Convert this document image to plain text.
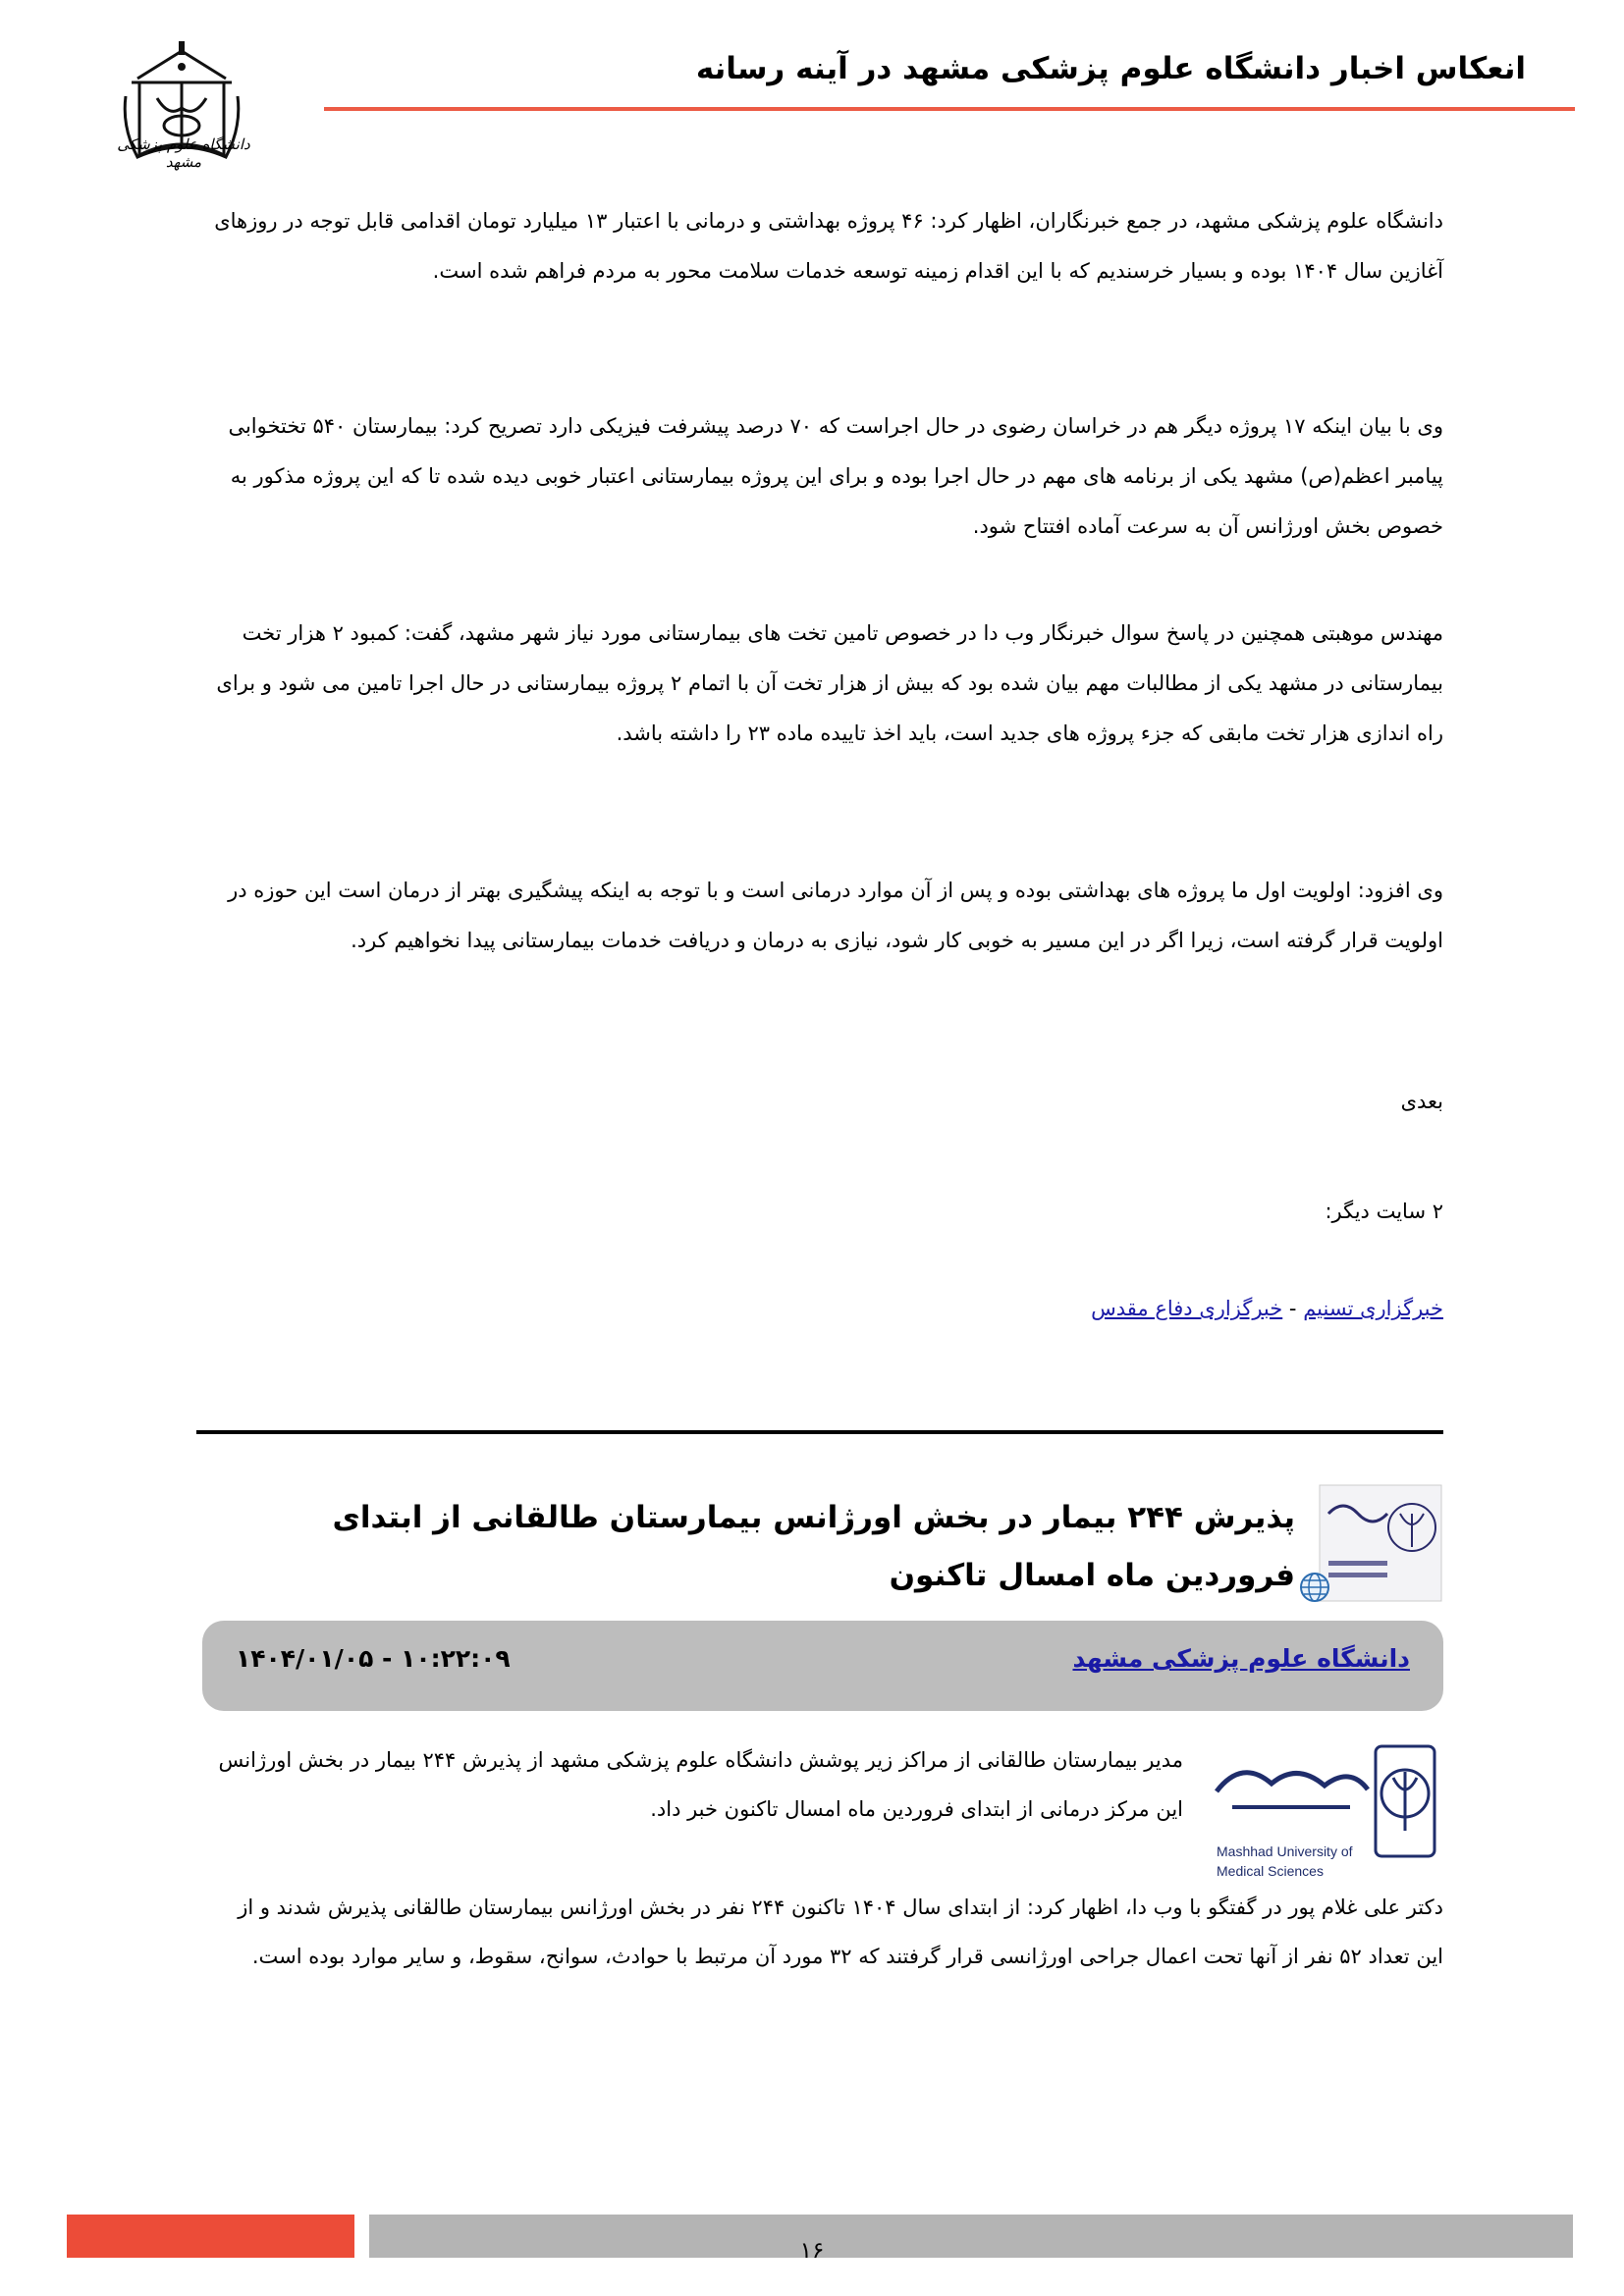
انعکاس اخبار دانشگاه علوم پزشکی مشهد در آینه رسانه
دانشگاه علوم پزشکی مشهد

دانشگاه علوم پزشکی مشهد، در جمع خبرنگاران، اظهار کرد: ۴۶ پروژه بهداشتی و درمانی با اعتبار ۱۳ میلیارد تومان اقدامی قابل توجه در روزهای آغازین سال ۱۴۰۴ بوده و بسیار خرسندیم که با این اقدام زمینه توسعه خدمات سلامت محور به مردم فراهم شده است.

وی با بیان اینکه ۱۷ پروژه دیگر هم در خراسان رضوی در حال اجراست که ۷۰ درصد پیشرفت فیزیکی دارد تصریح کرد: بیمارستان ۵۴۰ تختخوابی پیامبر اعظم(ص) مشهد یکی از برنامه های مهم در حال اجرا بوده و برای این پروژه بیمارستانی اعتبار خوبی دیده شده تا که این پروژه مذکور به خصوص بخش اورژانس آن به سرعت آماده افتتاح شود.

مهندس موهبتی همچنین در پاسخ سوال خبرنگار وب دا در خصوص تامین تخت های بیمارستانی مورد نیاز شهر مشهد، گفت: کمبود ۲ هزار تخت بیمارستانی در مشهد یکی از مطالبات مهم بیان شده بود که بیش از هزار تخت آن با اتمام ۲ پروژه بیمارستانی در حال اجرا تامین می شود و برای راه اندازی هزار تخت مابقی که جزء پروژه های جدید است، باید اخذ تاییده ماده ۲۳ را داشته باشد.

وی افزود: اولویت اول ما پروژه های بهداشتی بوده و پس از آن موارد درمانی است و با توجه به اینکه پیشگیری بهتر از درمان است این حوزه در اولویت قرار گرفته است، زیرا اگر در این مسیر به خوبی کار شود، نیازی به درمان و دریافت خدمات بیمارستانی پیدا نخواهیم کرد.

بعدی

۲ سایت دیگر:

خبرگزاری تسنیم - خبرگزاری دفاع مقدس

پذیرش ۲۴۴ بیمار در بخش اورژانس بیمارستان طالقانی از ابتدای فروردین ماه امسال تاکنون
دانشگاه علوم پزشکی مشهد
۱۴۰۴/۰۱/۰۵ - ۱۰:۲۲:۰۹
Mashhad University of
Medical Sciences

مدیر بیمارستان طالقانی از مراکز زیر پوشش دانشگاه علوم پزشکی مشهد از پذیرش ۲۴۴ بیمار در بخش اورژانس این مرکز درمانی از ابتدای فروردین ماه امسال تاکنون خبر داد.

دکتر علی غلام پور در گفتگو با وب دا، اظهار کرد: از ابتدای سال ۱۴۰۴ تاکنون ۲۴۴ نفر در بخش اورژانس بیمارستان طالقانی پذیرش شدند و از این تعداد ۵۲ نفر از آنها تحت اعمال جراحی اورژانسی قرار گرفتند که ۳۲ مورد آن مرتبط با حوادث، سوانح، سقوط، و سایر موارد بوده است.

۱۶
